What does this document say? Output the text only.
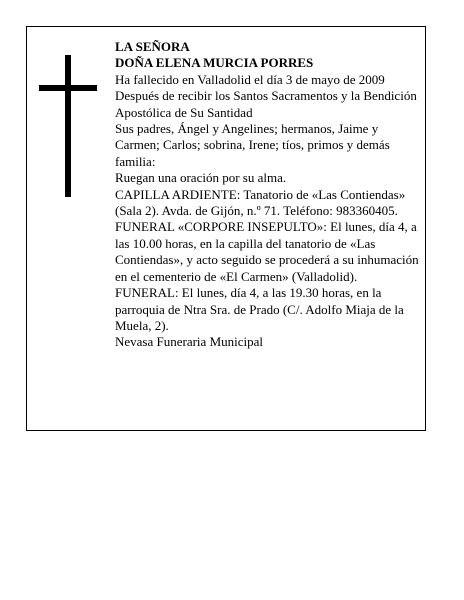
LA SEÑORA

DOÑA ELENA MURCIA PORRES

Ha fallecido en Valladolid el día 3 de mayo de 2009

Después de recibir los Santos Sacramentos y la Bendición Apostólica de Su Santidad

Sus padres, Ángel y Angelines; hermanos, Jaime y Carmen; Carlos; sobrina, Irene; tíos, primos y demás familia:

Ruegan una oración por su alma.

CAPILLA ARDIENTE: Tanatorio de «Las Contiendas» (Sala 2). Avda. de Gijón, n.º 71. Teléfono: 983360405.

FUNERAL «CORPORE INSEPULTO»: El lunes, día 4, a las 10.00 horas, en la capilla del tanatorio de «Las Contiendas», y acto seguido se procederá a su inhumación en el cementerio de «El Carmen» (Valladolid).

FUNERAL: El lunes, día 4, a las 19.30 horas, en la parroquia de Ntra Sra. de Prado (C/. Adolfo Miaja de la Muela, 2).

Nevasa Funeraria Municipal
